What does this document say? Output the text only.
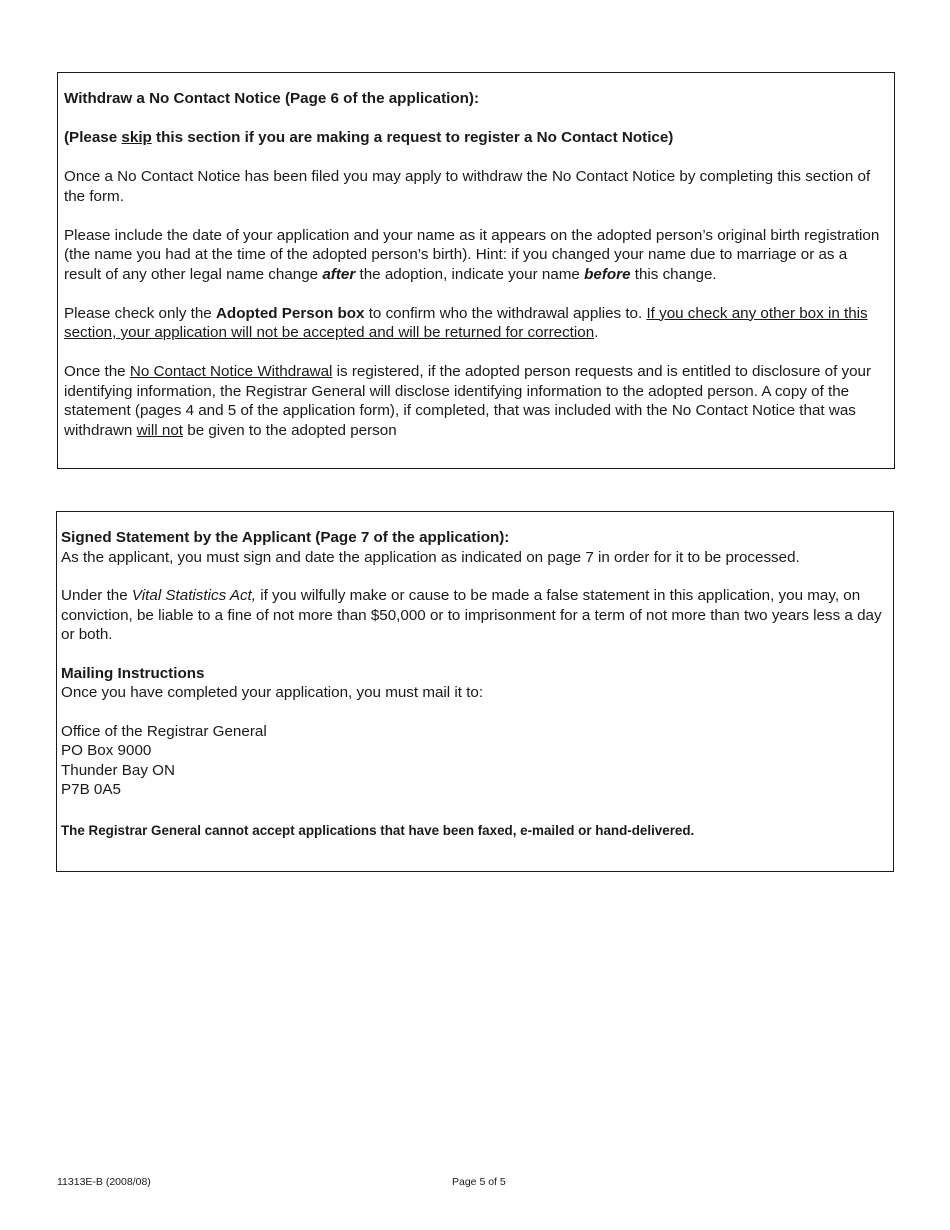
Withdraw a No Contact Notice (Page 6 of the application):

(Please skip this section if you are making a request to register a No Contact Notice)

Once a No Contact Notice has been filed you may apply to withdraw the No Contact Notice by completing this section of the form.

Please include the date of your application and your name as it appears on the adopted person’s original birth registration (the name you had at the time of the adopted person’s birth). Hint: if you changed your name due to marriage or as a result of any other legal name change after the adoption, indicate your name before this change.

Please check only the Adopted Person box to confirm who the withdrawal applies to. If you check any other box in this section, your application will not be accepted and will be returned for correction.

Once the No Contact Notice Withdrawal is registered, if the adopted person requests and is entitled to disclosure of your identifying information, the Registrar General will disclose identifying information to the adopted person. A copy of the statement (pages 4 and 5 of the application form), if completed, that was included with the No Contact Notice that was withdrawn will not be given to the adopted person

Signed Statement by the Applicant (Page 7 of the application):

As the applicant, you must sign and date the application as indicated on page 7 in order for it to be processed.

Under the Vital Statistics Act, if you wilfully make or cause to be made a false statement in this application, you may, on conviction, be liable to a fine of not more than $50,000 or to imprisonment for a term of not more than two years less a day or both.

Mailing Instructions

Once you have completed your application, you must mail it to:

Office of the Registrar General

PO Box 9000

Thunder Bay ON

P7B 0A5

The Registrar General cannot accept applications that have been faxed, e-mailed or hand-delivered.

11313E-B (2008/08)	Page 5 of 5
